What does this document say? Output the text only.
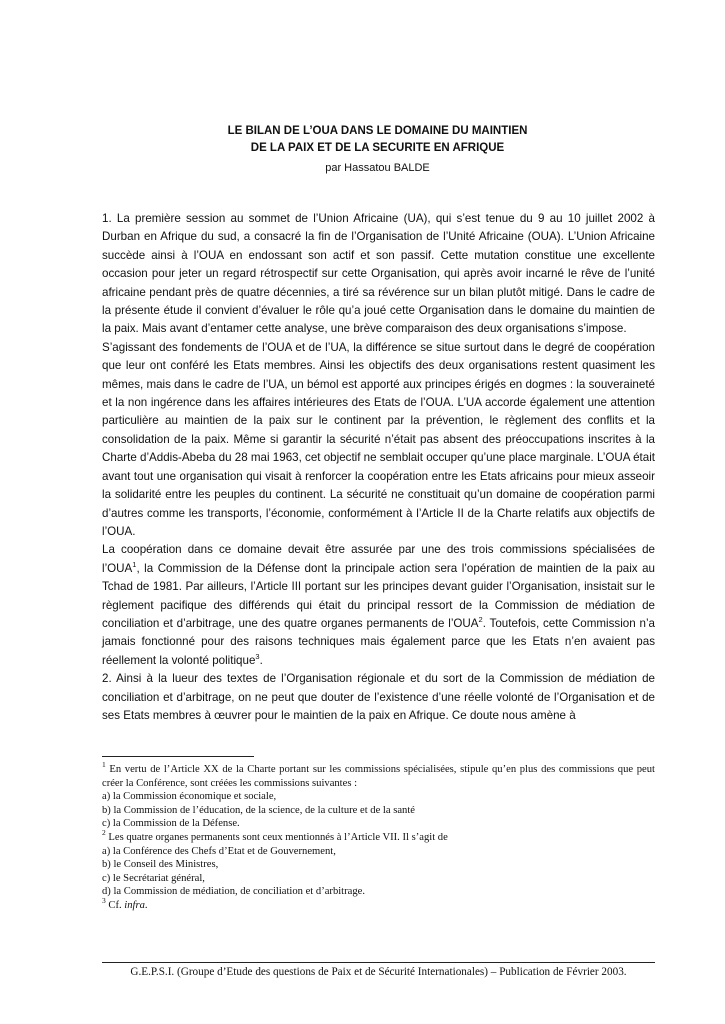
LE BILAN DE L’OUA DANS LE DOMAINE DU MAINTIEN
DE LA PAIX ET DE LA SECURITE EN AFRIQUE
par Hassatou BALDE

1. La première session au sommet de l’Union Africaine (UA), qui s’est tenue du 9 au 10 juillet 2002 à Durban en Afrique du sud, a consacré la fin de l’Organisation de l’Unité Africaine (OUA). L’Union Africaine succède ainsi à l’OUA en endossant son actif et son passif. Cette mutation constitue une excellente occasion pour jeter un regard rétrospectif sur cette Organisation, qui après avoir incarné le rêve de l’unité africaine pendant près de quatre décennies, a tiré sa révérence sur un bilan plutôt mitigé. Dans le cadre de la présente étude il convient d’évaluer le rôle qu’a joué cette Organisation dans le domaine du maintien de la paix. Mais avant d’entamer cette analyse, une brève comparaison des deux organisations s’impose.

S’agissant des fondements de l’OUA et de l’UA, la différence se situe surtout dans le degré de coopération que leur ont conféré les Etats membres. Ainsi les objectifs des deux organisations restent quasiment les mêmes, mais dans le cadre de l’UA, un bémol est apporté aux principes érigés en dogmes : la souveraineté et la non ingérence dans les affaires intérieures des Etats de l’OUA. L’UA accorde également une attention particulière au maintien de la paix sur le continent par la prévention, le règlement des conflits et la consolidation de la paix. Même si garantir la sécurité n’était pas absent des préoccupations inscrites à la Charte d’Addis-Abeba du 28 mai 1963, cet objectif ne semblait occuper qu’une place marginale. L’OUA était avant tout une organisation qui visait à renforcer la coopération entre les Etats africains pour mieux asseoir la solidarité entre les peuples du continent. La sécurité ne constituait qu’un domaine de coopération parmi d’autres comme les transports, l’économie, conformément à l’Article II de la Charte relatifs aux objectifs de l’OUA.

La coopération dans ce domaine devait être assurée par une des trois commissions spécialisées de l’OUA$^1$, la Commission de la Défense dont la principale action sera l’opération de maintien de la paix au Tchad de 1981. Par ailleurs, l’Article III portant sur les principes devant guider l’Organisation, insistait sur le règlement pacifique des différends qui était du principal ressort de la Commission de médiation de conciliation et d’arbitrage, une des quatre organes permanents de l’OUA$^2$. Toutefois, cette Commission n’a jamais fonctionné pour des raisons techniques mais également parce que les Etats n’en avaient pas réellement la volonté politique$^3$.

2. Ainsi à la lueur des textes de l’Organisation régionale et du sort de la Commission de médiation de conciliation et d’arbitrage, on ne peut que douter de l’existence d’une réelle volonté de l’Organisation et de ses Etats membres à œuvrer pour le maintien de la paix en Afrique. Ce doute nous amène à

$^1$ En vertu de l’Article XX de la Charte portant sur les commissions spécialisées, stipule qu’en plus des commissions que peut créer la Conférence, sont créées les commissions suivantes :

a) la Commission économique et sociale,

b) la Commission de l’éducation, de la science, de la culture et de la santé

c) la Commission de la Défense.

$^2$ Les quatre organes permanents sont ceux mentionnés à l’Article VII. Il s’agit de

a) la Conférence des Chefs d’Etat et de Gouvernement,

b) le Conseil des Ministres,

c) le Secrétariat général,

d) la Commission de médiation, de conciliation et d’arbitrage.

$^3$ Cf. infra.

G.E.P.S.I. (Groupe d’Etude des questions de Paix et de Sécurité Internationales) – Publication de Février 2003.
